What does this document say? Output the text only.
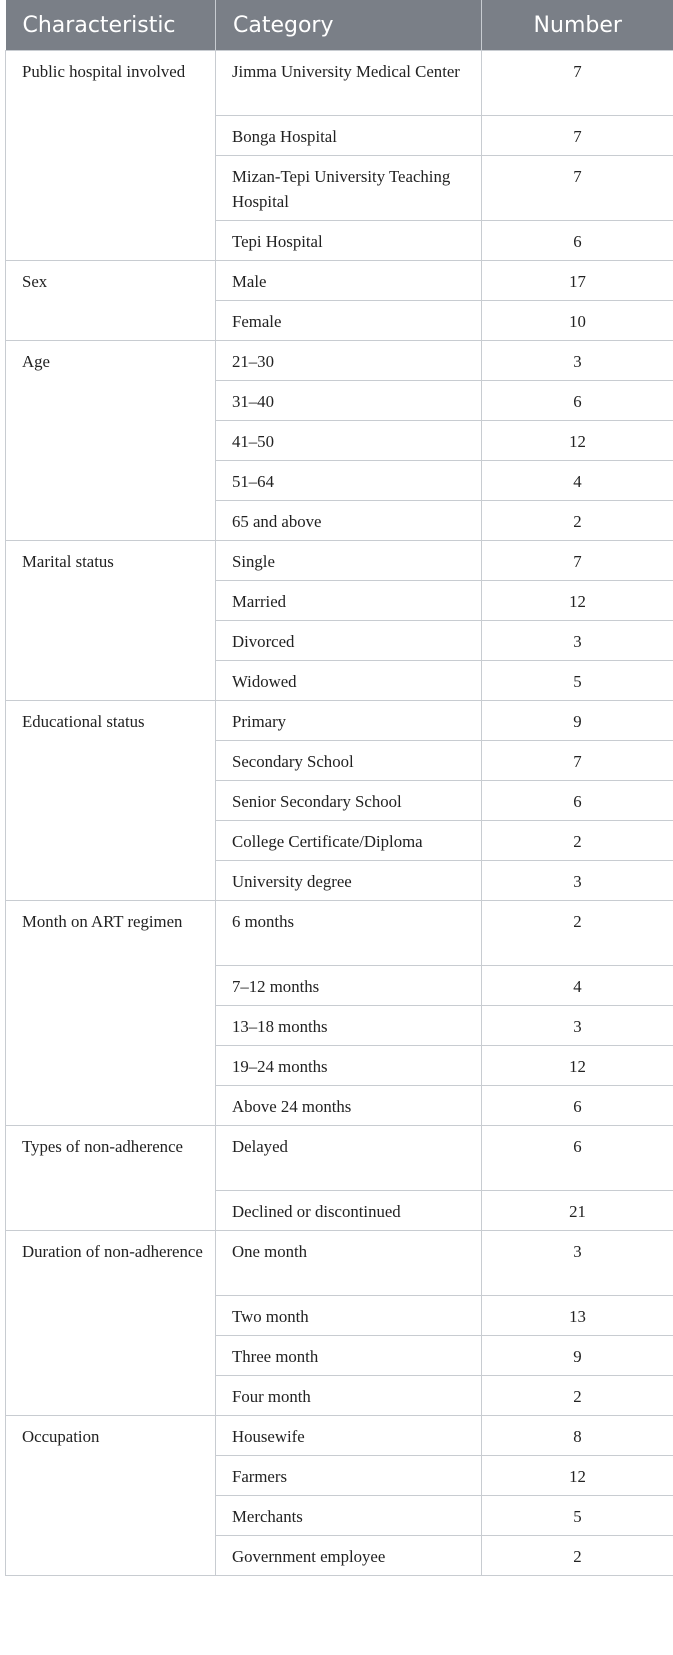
Characteristic	Category	Number
Public hospital involved	Jimma University Medical Center	7
	Bonga Hospital	7
	Mizan-Tepi University Teaching Hospital	7
	Tepi Hospital	6
Sex	Male	17
	Female	10
Age	21–30	3
	31–40	6
	41–50	12
	51–64	4
	65 and above	2
Marital status	Single	7
	Married	12
	Divorced	3
	Widowed	5
Educational status	Primary	9
	Secondary School	7
	Senior Secondary School	6
	College Certificate/Diploma	2
	University degree	3
Month on ART regimen	6 months	2
	7–12 months	4
	13–18 months	3
	19–24 months	12
	Above 24 months	6
Types of non-adherence	Delayed	6
	Declined or discontinued	21
Duration of non-adherence	One month	3
	Two month	13
	Three month	9
	Four month	2
Occupation	Housewife	8
	Farmers	12
	Merchants	5
	Government employee	2
